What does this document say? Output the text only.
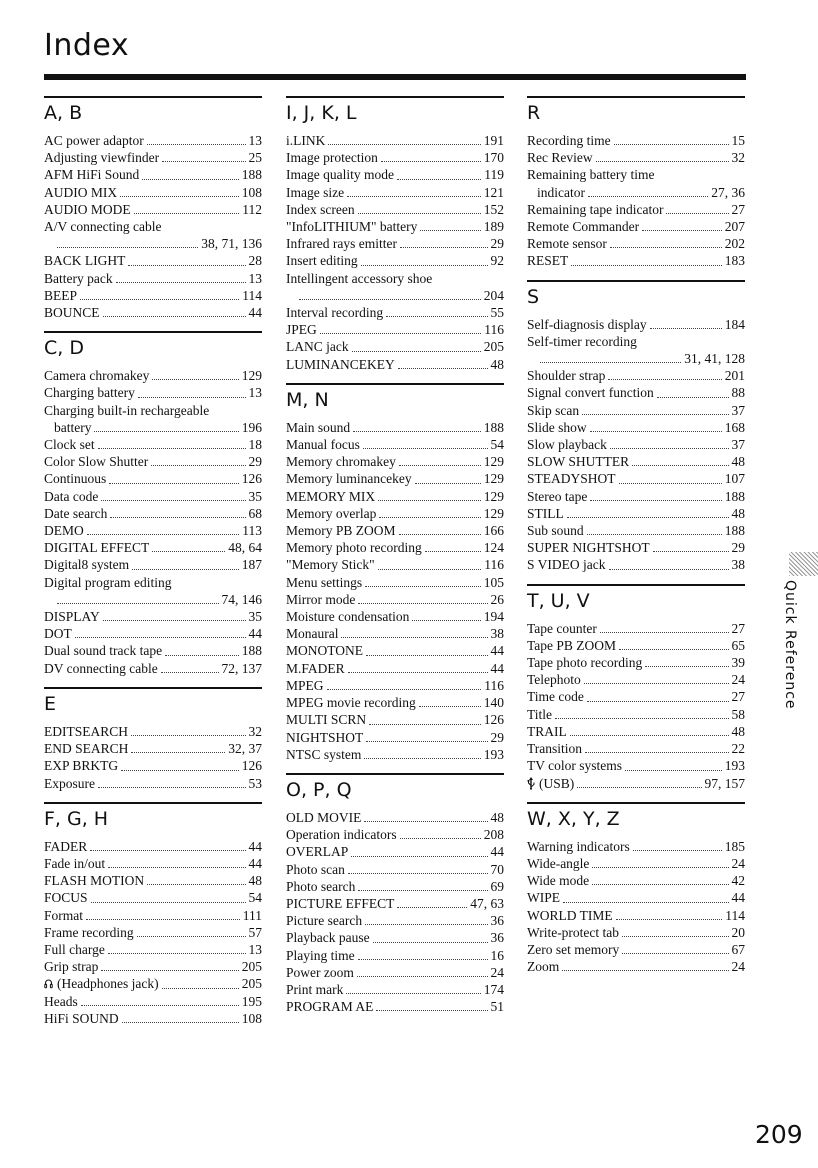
Index
A, B
AC power adaptor	13
Adjusting viewfinder	25
AFM HiFi Sound	188
AUDIO MIX	108
AUDIO MODE	112
A/V connecting cable
38, 71, 136
BACK LIGHT	28
Battery pack	13
BEEP	114
BOUNCE	44
C, D
Camera chromakey	129
Charging battery	13
Charging built-in rechargeable
battery	196
Clock set	18
Color Slow Shutter	29
Continuous	126
Data code	35
Date search	68
DEMO	113
DIGITAL EFFECT	48, 64
Digital8 system	187
Digital program editing
74, 146
DISPLAY	35
DOT	44
Dual sound track tape	188
DV connecting cable	72, 137
E
EDITSEARCH	32
END SEARCH	32, 37
EXP BRKTG	126
Exposure	53
F, G, H
FADER	44
Fade in/out	44
FLASH MOTION	48
FOCUS	54
Format	111
Frame recording	57
Full charge	13
Grip strap	205
(Headphones jack)	205
Heads	195
HiFi SOUND	108
I, J, K, L
i.LINK	191
Image protection	170
Image quality mode	119
Image size	121
Index screen	152
"InfoLITHIUM" battery	189
Infrared rays emitter	29
Insert editing	92
Intellingent accessory shoe
204
Interval recording	55
JPEG	116
LANC jack	205
LUMINANCEKEY	48
M, N
Main sound	188
Manual focus	54
Memory chromakey	129
Memory luminancekey	129
MEMORY MIX	129
Memory overlap	129
Memory PB ZOOM	166
Memory photo recording	124
"Memory Stick"	116
Menu settings	105
Mirror mode	26
Moisture condensation	194
Monaural	38
MONOTONE	44
M.FADER	44
MPEG	116
MPEG movie recording	140
MULTI SCRN	126
NIGHTSHOT	29
NTSC system	193
O, P, Q
OLD MOVIE	48
Operation indicators	208
OVERLAP	44
Photo scan	70
Photo search	69
PICTURE EFFECT	47, 63
Picture search	36
Playback pause	36
Playing time	16
Power zoom	24
Print mark	174
PROGRAM AE	51
R
Recording time	15
Rec Review	32
Remaining battery time
indicator	27, 36
Remaining tape indicator	27
Remote Commander	207
Remote sensor	202
RESET	183
S
Self-diagnosis display	184
Self-timer recording
31, 41, 128
Shoulder strap	201
Signal convert function	88
Skip scan	37
Slide show	168
Slow playback	37
SLOW SHUTTER	48
STEADYSHOT	107
Stereo tape	188
STILL	48
Sub sound	188
SUPER NIGHTSHOT	29
S VIDEO jack	38
T, U, V
Tape counter	27
Tape PB ZOOM	65
Tape photo recording	39
Telephoto	24
Time code	27
Title	58
TRAIL	48
Transition	22
TV color systems	193
(USB)	97, 157
W, X, Y, Z
Warning indicators	185
Wide-angle	24
Wide mode	42
WIPE	44
WORLD TIME	114
Write-protect tab	20
Zero set memory	67
Zoom	24
Quick Reference
209
